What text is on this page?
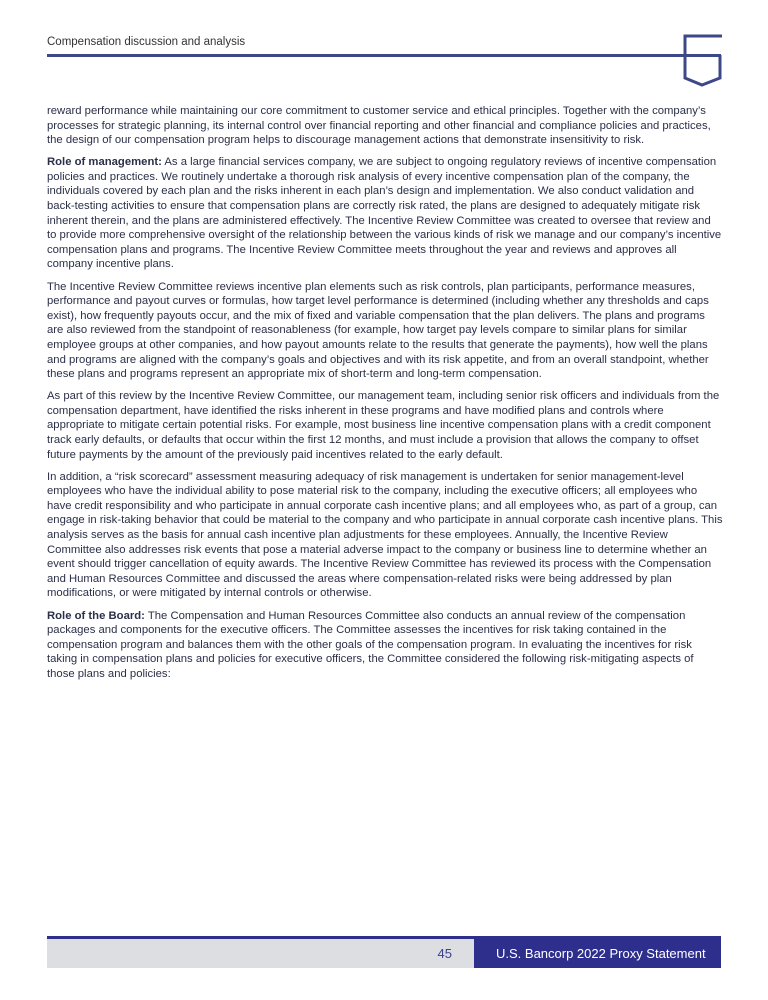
Compensation discussion and analysis

reward performance while maintaining our core commitment to customer service and ethical principles. Together with the company’s processes for strategic planning, its internal control over financial reporting and other financial and compliance policies and practices, the design of our compensation program helps to discourage management actions that demonstrate insensitivity to risk.

Role of management: As a large financial services company, we are subject to ongoing regulatory reviews of incentive compensation policies and practices. We routinely undertake a thorough risk analysis of every incentive compensation plan of the company, the individuals covered by each plan and the risks inherent in each plan’s design and implementation. We also conduct validation and back-testing activities to ensure that compensation plans are correctly risk rated, the plans are designed to adequately mitigate risk inherent therein, and the plans are administered effectively. The Incentive Review Committee was created to oversee that review and to provide more comprehensive oversight of the relationship between the various kinds of risk we manage and our company’s incentive compensation plans and programs. The Incentive Review Committee meets throughout the year and reviews and approves all company incentive plans.

The Incentive Review Committee reviews incentive plan elements such as risk controls, plan participants, performance measures, performance and payout curves or formulas, how target level performance is determined (including whether any thresholds and caps exist), how frequently payouts occur, and the mix of fixed and variable compensation that the plan delivers. The plans and programs are also reviewed from the standpoint of reasonableness (for example, how target pay levels compare to similar plans for similar employee groups at other companies, and how payout amounts relate to the results that generate the payments), how well the plans and programs are aligned with the company’s goals and objectives and with its risk appetite, and from an overall standpoint, whether these plans and programs represent an appropriate mix of short-term and long-term compensation.

As part of this review by the Incentive Review Committee, our management team, including senior risk officers and individuals from the compensation department, have identified the risks inherent in these programs and have modified plans and controls where appropriate to mitigate certain potential risks. For example, most business line incentive compensation plans with a credit component track early defaults, or defaults that occur within the first 12 months, and must include a provision that allows the company to offset future payments by the amount of the previously paid incentives related to the early default.

In addition, a “risk scorecard” assessment measuring adequacy of risk management is undertaken for senior management-level employees who have the individual ability to pose material risk to the company, including the executive officers; all employees who have credit responsibility and who participate in annual corporate cash incentive plans; and all employees who, as part of a group, can engage in risk-taking behavior that could be material to the company and who participate in annual corporate cash incentive plans. This analysis serves as the basis for annual cash incentive plan adjustments for these employees. Annually, the Incentive Review Committee also addresses risk events that pose a material adverse impact to the company or business line to determine whether an event should trigger cancellation of equity awards. The Incentive Review Committee has reviewed its process with the Compensation and Human Resources Committee and discussed the areas where compensation-related risks were being addressed by plan modifications, or were mitigated by internal controls or otherwise.

Role of the Board: The Compensation and Human Resources Committee also conducts an annual review of the compensation packages and components for the executive officers. The Committee assesses the incentives for risk taking contained in the compensation program and balances them with the other goals of the compensation program. In evaluating the incentives for risk taking in compensation plans and policies for executive officers, the Committee considered the following risk-mitigating aspects of those plans and policies:

45	U.S. Bancorp 2022 Proxy Statement
